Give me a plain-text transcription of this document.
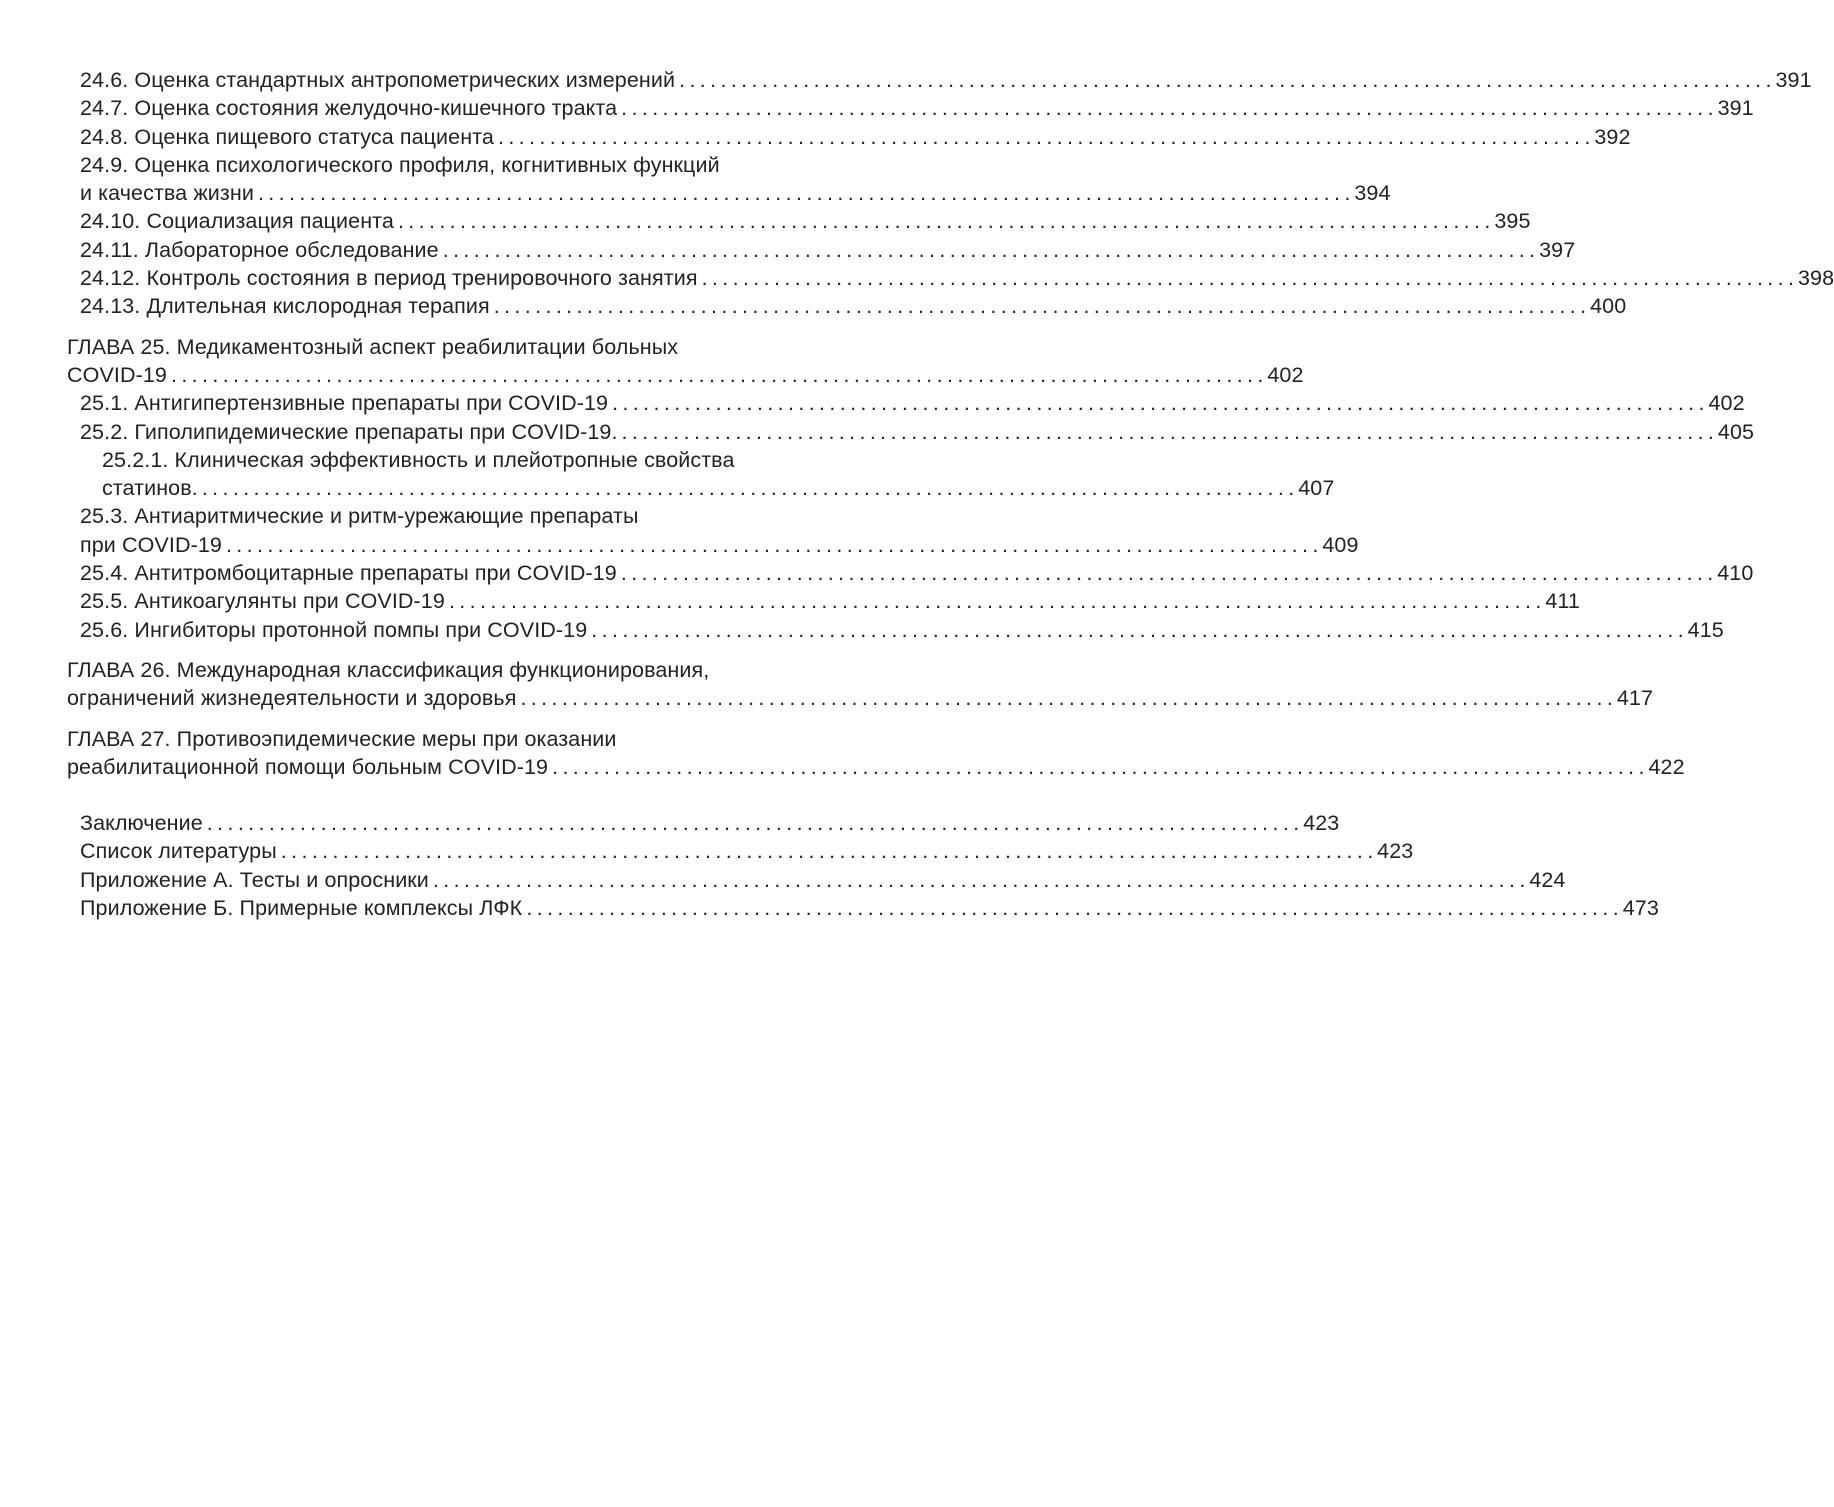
24.6. Оценка стандартных антропометрических измерений . . .	391
24.7. Оценка состояния желудочно-кишечного тракта . . .	391
24.8. Оценка пищевого статуса пациента . . .	392
24.9. Оценка психологического профиля, когнитивных функций
и качества жизни . . .	394
24.10. Социализация пациента . . .	395
24.11. Лабораторное обследование . . .	397
24.12. Контроль состояния в период тренировочного занятия . . .	398
24.13. Длительная кислородная терапия . . .	400
ГЛАВА 25. Медикаментозный аспект реабилитации больных
COVID-19 . . .	402
25.1. Антигипертензивные препараты при COVID-19 . . .	402
25.2. Гиполипидемические препараты при COVID-19. . . .	405
25.2.1. Клиническая эффективность и плейотропные свойства
статинов. . . .	407
25.3. Антиаритмические и ритм-урежающие препараты
при COVID-19 . . .	409
25.4. Антитромбоцитарные препараты при COVID-19 . . .	410
25.5. Антикоагулянты при COVID-19 . . .	411
25.6. Ингибиторы протонной помпы при COVID-19 . . .	415
ГЛАВА 26. Международная классификация функционирования,
ограничений жизнедеятельности и здоровья . . .	417
ГЛАВА 27. Противоэпидемические меры при оказании
реабилитационной помощи больным COVID-19 . . .	422
Заключение . . .	423
Список литературы . . .	423
Приложение А. Тесты и опросники . . .	424
Приложение Б. Примерные комплексы ЛФК . . .	473
